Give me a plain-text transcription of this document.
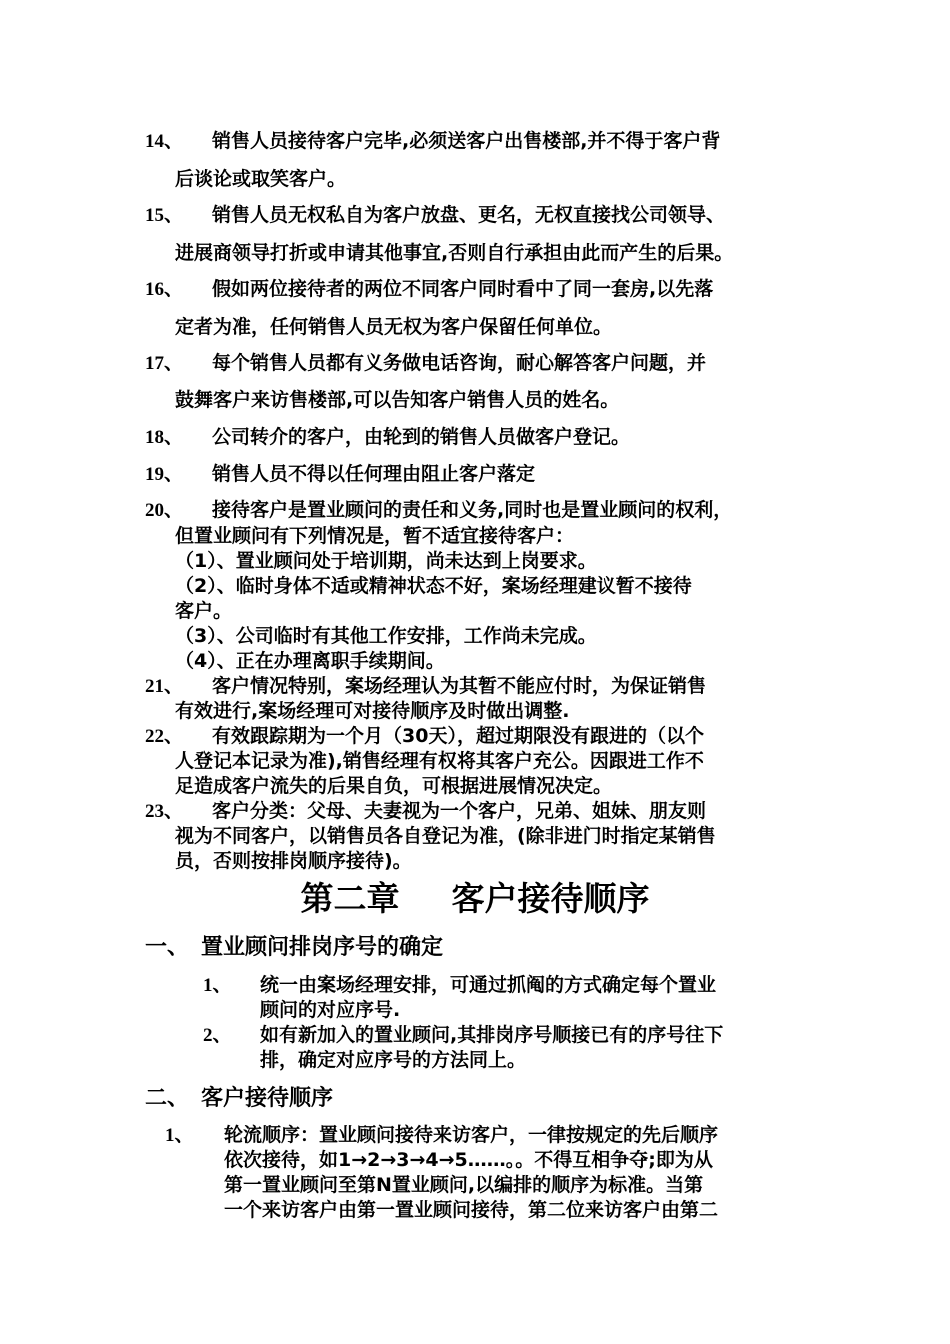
14、	销售人员接待客户完毕,必须送客户出售楼部,并不得于客户背
后谈论或取笑客户。
15、	销售人员无权私自为客户放盘、更名，无权直接找公司领导、
进展商领导打折或申请其他事宜,否则自行承担由此而产生的后果。
16、	假如两位接待者的两位不同客户同时看中了同一套房,以先落
定者为准，任何销售人员无权为客户保留任何单位。
17、	每个销售人员都有义务做电话咨询，耐心解答客户问题，并
鼓舞客户来访售楼部,可以告知客户销售人员的姓名。
18、	公司转介的客户，由轮到的销售人员做客户登记。
19、	销售人员不得以任何理由阻止客户落定
20、	接待客户是置业顾问的责任和义务,同时也是置业顾问的权利，
但置业顾问有下列情况是，暂不适宜接待客户：
（1）、置业顾问处于培训期，尚未达到上岗要求。
（2）、临时身体不适或精神状态不好，案场经理建议暂不接待
客户。
（3）、公司临时有其他工作安排，工作尚未完成。
（4）、正在办理离职手续期间。
21、	客户情况特别，案场经理认为其暂不能应付时，为保证销售
有效进行,案场经理可对接待顺序及时做出调整.
22、	有效跟踪期为一个月（30天），超过期限没有跟进的（以个
人登记本记录为准),销售经理有权将其客户充公。因跟进工作不
足造成客户流失的后果自负，可根据进展情况决定。
23、	客户分类：父母、夫妻视为一个客户，兄弟、姐妹、朋友则
视为不同客户，以销售员各自登记为准，(除非进门时指定某销售
员，否则按排岗顺序接待)。
第二章 客户接待顺序
一、 置业顾问排岗序号的确定
1、 统一由案场经理安排，可通过抓阄的方式确定每个置业
顾问的对应序号.
2、 如有新加入的置业顾问,其排岗序号顺接已有的序号往下
排，确定对应序号的方法同上。
二、 客户接待顺序
1、 轮流顺序：置业顾问接待来访客户，一律按规定的先后顺序
依次接待，如1→2→3→4→5……。。不得互相争夺;即为从
第一置业顾问至第N置业顾问,以编排的顺序为标准。当第
一个来访客户由第一置业顾问接待，第二位来访客户由第二
